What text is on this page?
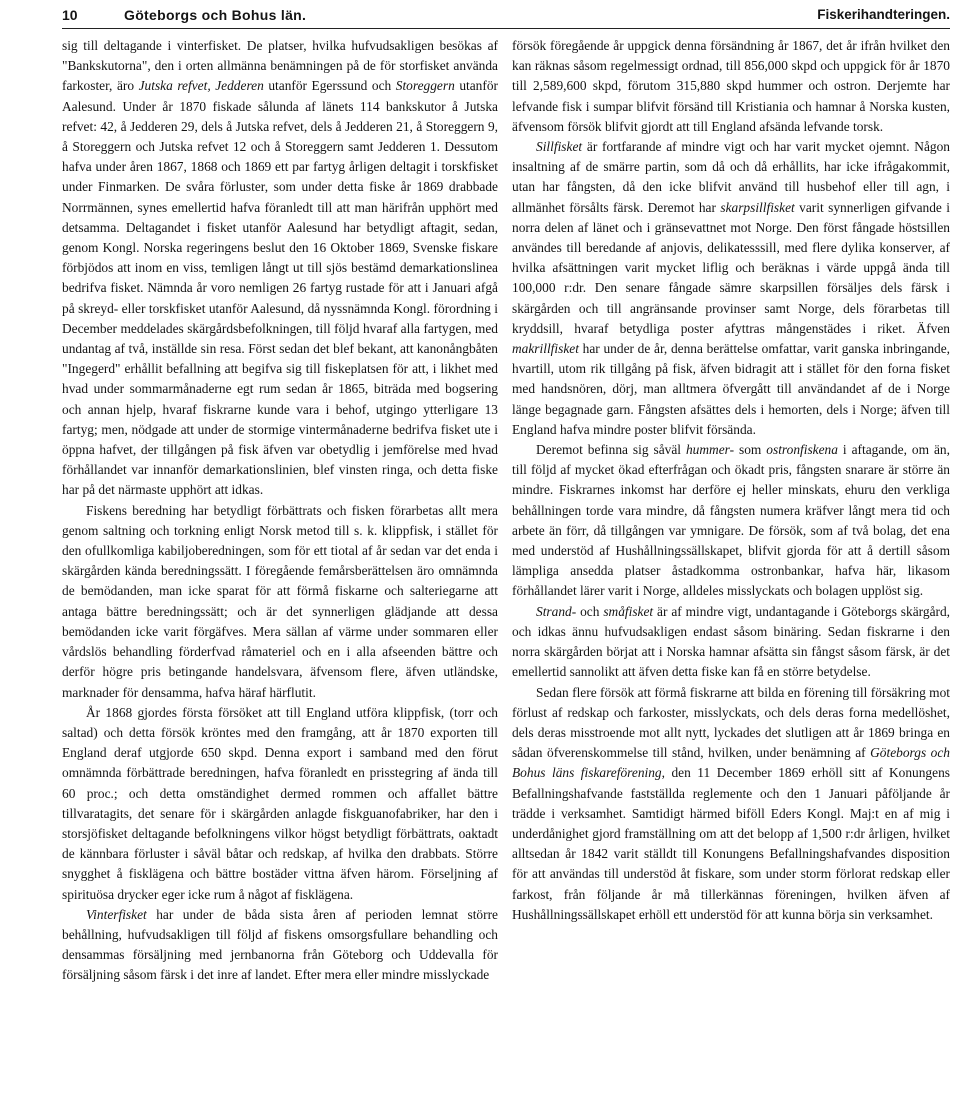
10	Göteborgs och Bohus län.	Fiskerihandteringen.

sig till deltagande i vinterfisket. De platser, hvilka hufvudsakligen besökas af "Bankskutorna", den i orten allmänna benämningen på de för storfisket använda farkoster, äro Jutska refvet, Jedderen utanför Egerssund och Storeggern utanför Aalesund. Under år 1870 fiskade sålunda af länets 114 bankskutor å Jutska refvet: 42, å Jedderen 29, dels å Jutska refvet, dels å Jedderen 21, å Storeggern 9, å Storeggern och Jutska refvet 12 och å Storeggern samt Jedderen 1. Dessutom hafva under åren 1867, 1868 och 1869 ett par fartyg årligen deltagit i torskfisket under Finmarken. De svåra förluster, som under detta fiske år 1869 drabbade Norrmännen, synes emellertid hafva föranledt till att man härifrån upphört med detsamma. Deltagandet i fisket utanför Aalesund har betydligt aftagit, sedan, genom Kongl. Norska regeringens beslut den 16 Oktober 1869, Svenske fiskare förbjödos att inom en viss, temligen långt ut till sjös bestämd demarkationslinea bedrifva fisket. Nämnda år voro nemligen 26 fartyg rustade för att i Januari afgå på skreyd- eller torskfisket utanför Aalesund, då nyssnämnda Kongl. förordning i December meddelades skärgårdsbefolkningen, till följd hvaraf alla fartygen, med undantag af två, inställde sin resa. Först sedan det blef bekant, att kanonångbåten "Ingegerd" erhållit befallning att begifva sig till fiskeplatsen för att, i likhet med hvad under sommarmånaderne egt rum sedan år 1865, biträda med bogsering och annan hjelp, hvaraf fiskrarne kunde vara i behof, utgingo ytterligare 13 fartyg; men, nödgade att under de stormige vintermånaderne bedrifva fisket ute i öppna hafvet, der tillgången på fisk äfven var obetydlig i jemförelse med hvad förhållandet var innanför demarkationslinien, blef vinsten ringa, och detta fiske har på det närmaste upphört att idkas.

Fiskens beredning har betydligt förbättrats och fisken förarbetas allt mera genom saltning och torkning enligt Norsk metod till s. k. klippfisk, i stället för den ofullkomliga kabiljoberedningen, som för ett tiotal af år sedan var det enda i skärgården kända beredningssätt. I föregående femårsberättelsen äro omnämnda de bemödanden, man icke sparat för att förmå fiskarne och salteriegarne att antaga bättre beredningssätt; och är det synnerligen glädjande att dessa bemödanden icke varit förgäfves. Mera sällan af värme under sommaren eller vårdslös behandling förderfvad råmateriel och en i alla afseenden bättre och derför högre pris betingande handelsvara, äfvensom flere, äfven utländske, marknader för densamma, hafva häraf härflutit.

År 1868 gjordes första försöket att till England utföra klippfisk, (torr och saltad) och detta försök kröntes med den framgång, att år 1870 exporten till England deraf utgjorde 650 skpd. Denna export i samband med den förut omnämnda förbättrade beredningen, hafva föranledt en prisstegring af ända till 60 proc.; och detta omständighet dermed rommen och affallet bättre tillvaratagits, det senare för i skärgården anlagde fiskguanofabriker, har den i storsjöfisket deltagande befolkningens vilkor högst betydligt förbättrats, oaktadt de kännbara förluster i såväl båtar och redskap, af hvilka den drabbats. Större snygghet å fisklägena och bättre bostäder vittna äfven härom. Förseljning af spirituösa drycker eger icke rum å något af fisklägena.

Vinterfisket har under de båda sista åren af perioden lemnat större behållning, hufvudsakligen till följd af fiskens omsorgsfullare behandling och densammas försäljning med jernbanorna från Göteborg och Uddevalla för försäljning såsom färsk i det inre af landet. Efter mera eller mindre misslyckade

försök föregående år uppgick denna försändning år 1867, det år ifrån hvilket den kan räknas såsom regelmessigt ordnad, till 856,000 skpd och uppgick för år 1870 till 2,589,600 skpd, förutom 315,880 skpd hummer och ostron. Derjemte har lefvande fisk i sumpar blifvit försänd till Kristiania och hamnar å Norska kusten, äfvensom försök blifvit gjordt att till England afsända lefvande torsk.

Sillfisket är fortfarande af mindre vigt och har varit mycket ojemnt. Någon insaltning af de smärre partin, som då och då erhållits, har icke ifrågakommit, utan har fångsten, då den icke blifvit använd till husbehof eller till agn, i allmänhet försålts färsk. Deremot har skarpsillfisket varit synnerligen gifvande i norra delen af länet och i gränsevattnet mot Norge. Den först fångade höstsillen användes till beredande af anjovis, delikatesssill, med flere dylika konserver, af hvilka afsättningen varit mycket liflig och beräknas i värde uppgå ända till 100,000 r:dr. Den senare fångade sämre skarpsillen försäljes dels färsk i skärgården och till angränsande provinser samt Norge, dels förarbetas till kryddsill, hvaraf betydliga poster afyttras mångenstädes i riket. Äfven makrillfisket har under de år, denna berättelse omfattar, varit ganska inbringande, hvartill, utom rik tillgång på fisk, äfven bidragit att i stället för den forna fisket med handsnören, dörj, man alltmera öfvergått till användandet af de i Norge länge begagnade garn. Fångsten afsättes dels i hemorten, dels i Norge; äfven till England hafva mindre poster blifvit försända.

Deremot befinna sig såväl hummer- som ostronfiskena i aftagande, om än, till följd af mycket ökad efterfrågan och ökadt pris, fångsten snarare är större än mindre. Fiskrarnes inkomst har derföre ej heller minskats, ehuru den verkliga behållningen torde vara mindre, då fångsten numera kräfver långt mera tid och arbete än förr, då tillgången var ymnigare. De försök, som af två bolag, det ena med understöd af Hushållningssällskapet, blifvit gjorda för att å dertill såsom lämpliga ansedda platser åstadkomma ostronbankar, hafva här, likasom förhållandet lärer varit i Norge, alldeles misslyckats och bolagen upplöst sig.

Strand- och småfisket är af mindre vigt, undantagande i Göteborgs skärgård, och idkas ännu hufvudsakligen endast såsom binäring. Sedan fiskrarne i den norra skärgården börjat att i Norska hamnar afsätta sin fångst såsom färsk, är det emellertid sannolikt att äfven detta fiske kan få en större betydelse.

Sedan flere försök att förmå fiskrarne att bilda en förening till försäkring mot förlust af redskap och farkoster, misslyckats, och dels deras forna medellöshet, dels deras misstroende mot allt nytt, lyckades det slutligen att år 1869 bringa en sådan öfverenskommelse till stånd, hvilken, under benämning af Göteborgs och Bohus läns fiskareförening, den 11 December 1869 erhöll sitt af Konungens Befallningshafvande fastställda reglemente och den 1 Januari påföljande år trädde i verksamhet. Samtidigt härmed biföll Eders Kongl. Maj:t en af mig i underdånighet gjord framställning om att det belopp af 1,500 r:dr årligen, hvilket alltsedan år 1842 varit ställdt till Konungens Befallningshafvandes disposition för att användas till understöd åt fiskare, som under storm förlorat redskap eller farkost, från följande år må tillerkännas föreningen, hvilken äfven af Hushållningssällskapet erhöll ett understöd för att kunna börja sin verksamhet.
